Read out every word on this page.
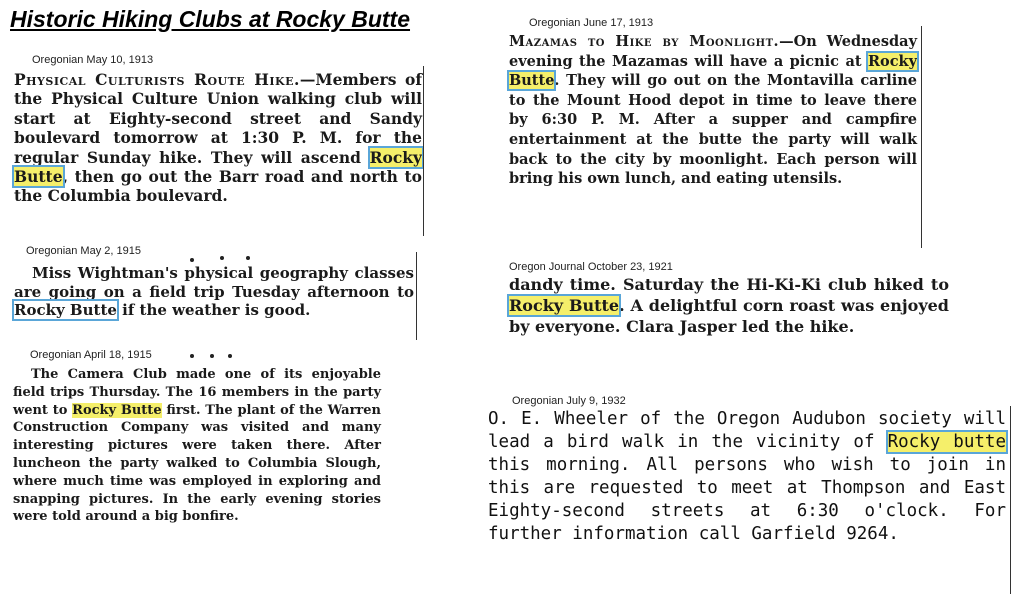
Historic Hiking Clubs at Rocky Butte
Oregonian May 10, 1913
Physical Culturists Route Hike.—Members of the Physical Culture Union walking club will start at Eighty-second street and Sandy boulevard tomorrow at 1:30 P. M. for the regular Sunday hike. They will ascend Rocky Butte, then go out the Barr road and north to the Columbia boulevard.
Oregonian May 2, 1915
Miss Wightman's physical geography classes are going on a field trip Tuesday afternoon to Rocky Butte if the weather is good.
Oregonian April 18, 1915
The Camera Club made one of its enjoyable field trips Thursday. The 16 members in the party went to Rocky Butte first. The plant of the Warren Construction Company was visited and many interesting pictures were taken there. After luncheon the party walked to Columbia Slough, where much time was employed in exploring and snapping pictures. In the early evening stories were told around a big bonfire.
Oregonian June 17, 1913
Mazamas to Hike by Moonlight.—On Wednesday evening the Mazamas will have a picnic at Rocky Butte. They will go out on the Montavilla carline to the Mount Hood depot in time to leave there by 6:30 P. M. After a supper and campfire entertainment at the butte the party will walk back to the city by moonlight. Each person will bring his own lunch, and eating utensils.
Oregon Journal October 23, 1921
dandy time. Saturday the Hi-Ki-Ki club hiked to Rocky Butte. A delightful corn roast was enjoyed by everyone. Clara Jasper led the hike.
Oregonian July 9, 1932
O. E. Wheeler of the Oregon Audubon society will lead a bird walk in the vicinity of Rocky butte this morning. All persons who wish to join in this are requested to meet at Thompson and East Eighty-second streets at 6:30 o'clock. For further information call Garfield 9264.
